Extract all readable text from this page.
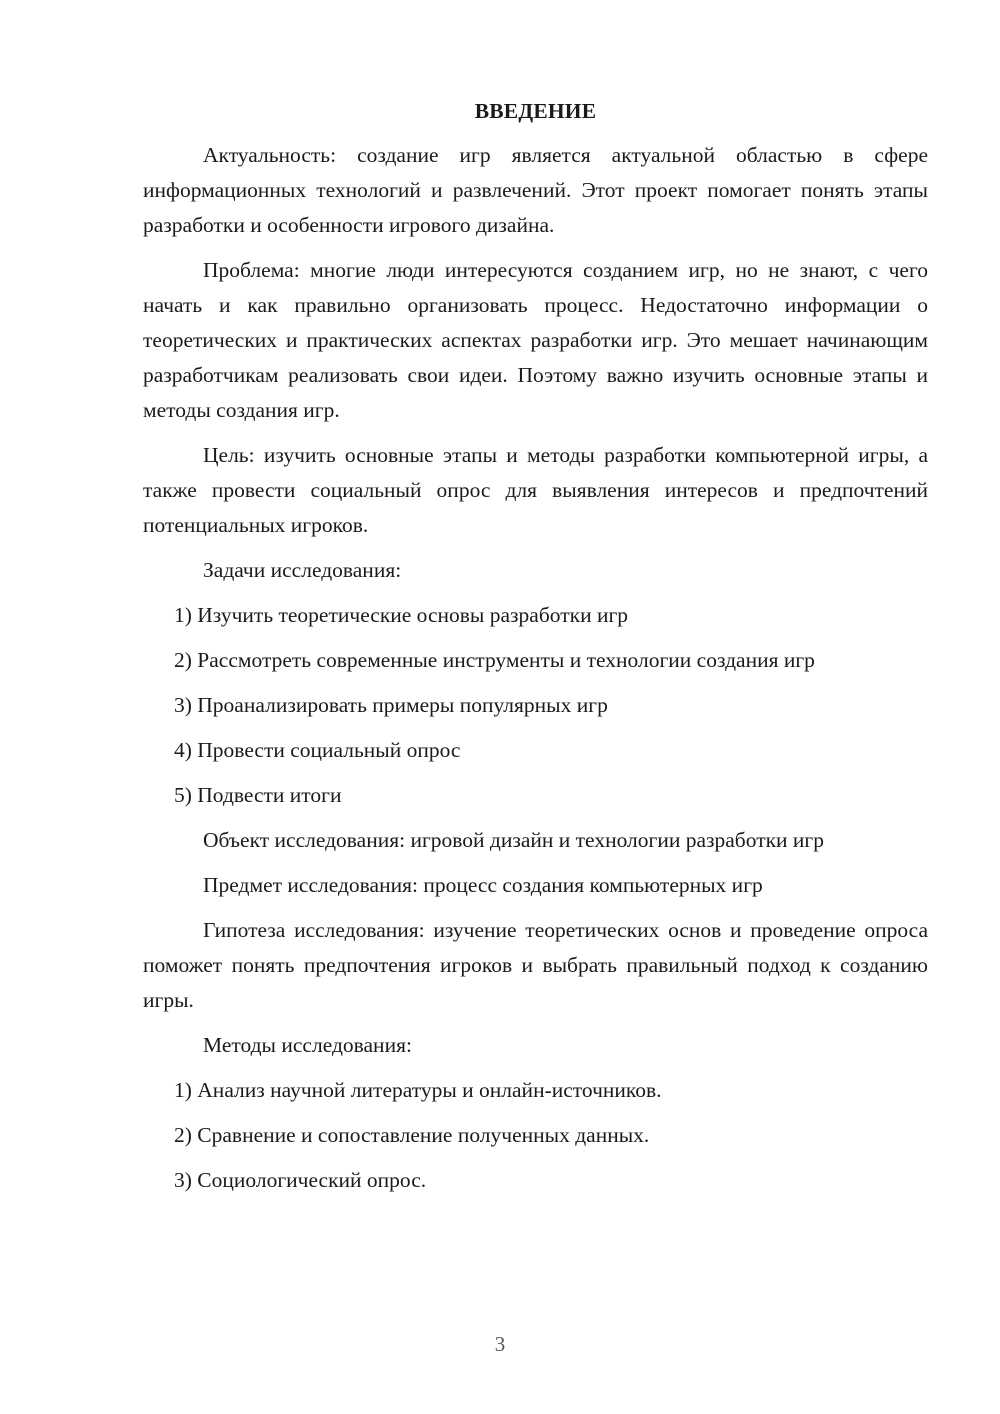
ВВЕДЕНИЕ

Актуальность: создание игр является актуальной областью в сфере информационных технологий и развлечений. Этот проект помогает понять этапы разработки и особенности игрового дизайна.

Проблема: многие люди интересуются созданием игр, но не знают, с чего начать и как правильно организовать процесс. Недостаточно информации о теоретических и практических аспектах разработки игр. Это мешает начинающим разработчикам реализовать свои идеи. Поэтому важно изучить основные этапы и методы создания игр.

Цель: изучить основные этапы и методы разработки компьютерной игры, а также провести социальный опрос для выявления интересов и предпочтений потенциальных игроков.

Задачи исследования:
1) Изучить теоретические основы разработки игр
2) Рассмотреть современные инструменты и технологии создания игр
3) Проанализировать примеры популярных игр
4) Провести социальный опрос
5) Подвести итоги
Объект исследования: игровой дизайн и технологии разработки игр
Предмет исследования: процесс создания компьютерных игр

Гипотеза исследования: изучение теоретических основ и проведение опроса поможет понять предпочтения игроков и выбрать правильный подход к созданию игры.

Методы исследования:
1) Анализ научной литературы и онлайн-источников.
2) Сравнение и сопоставление полученных данных.
3) Социологический опрос.
3
